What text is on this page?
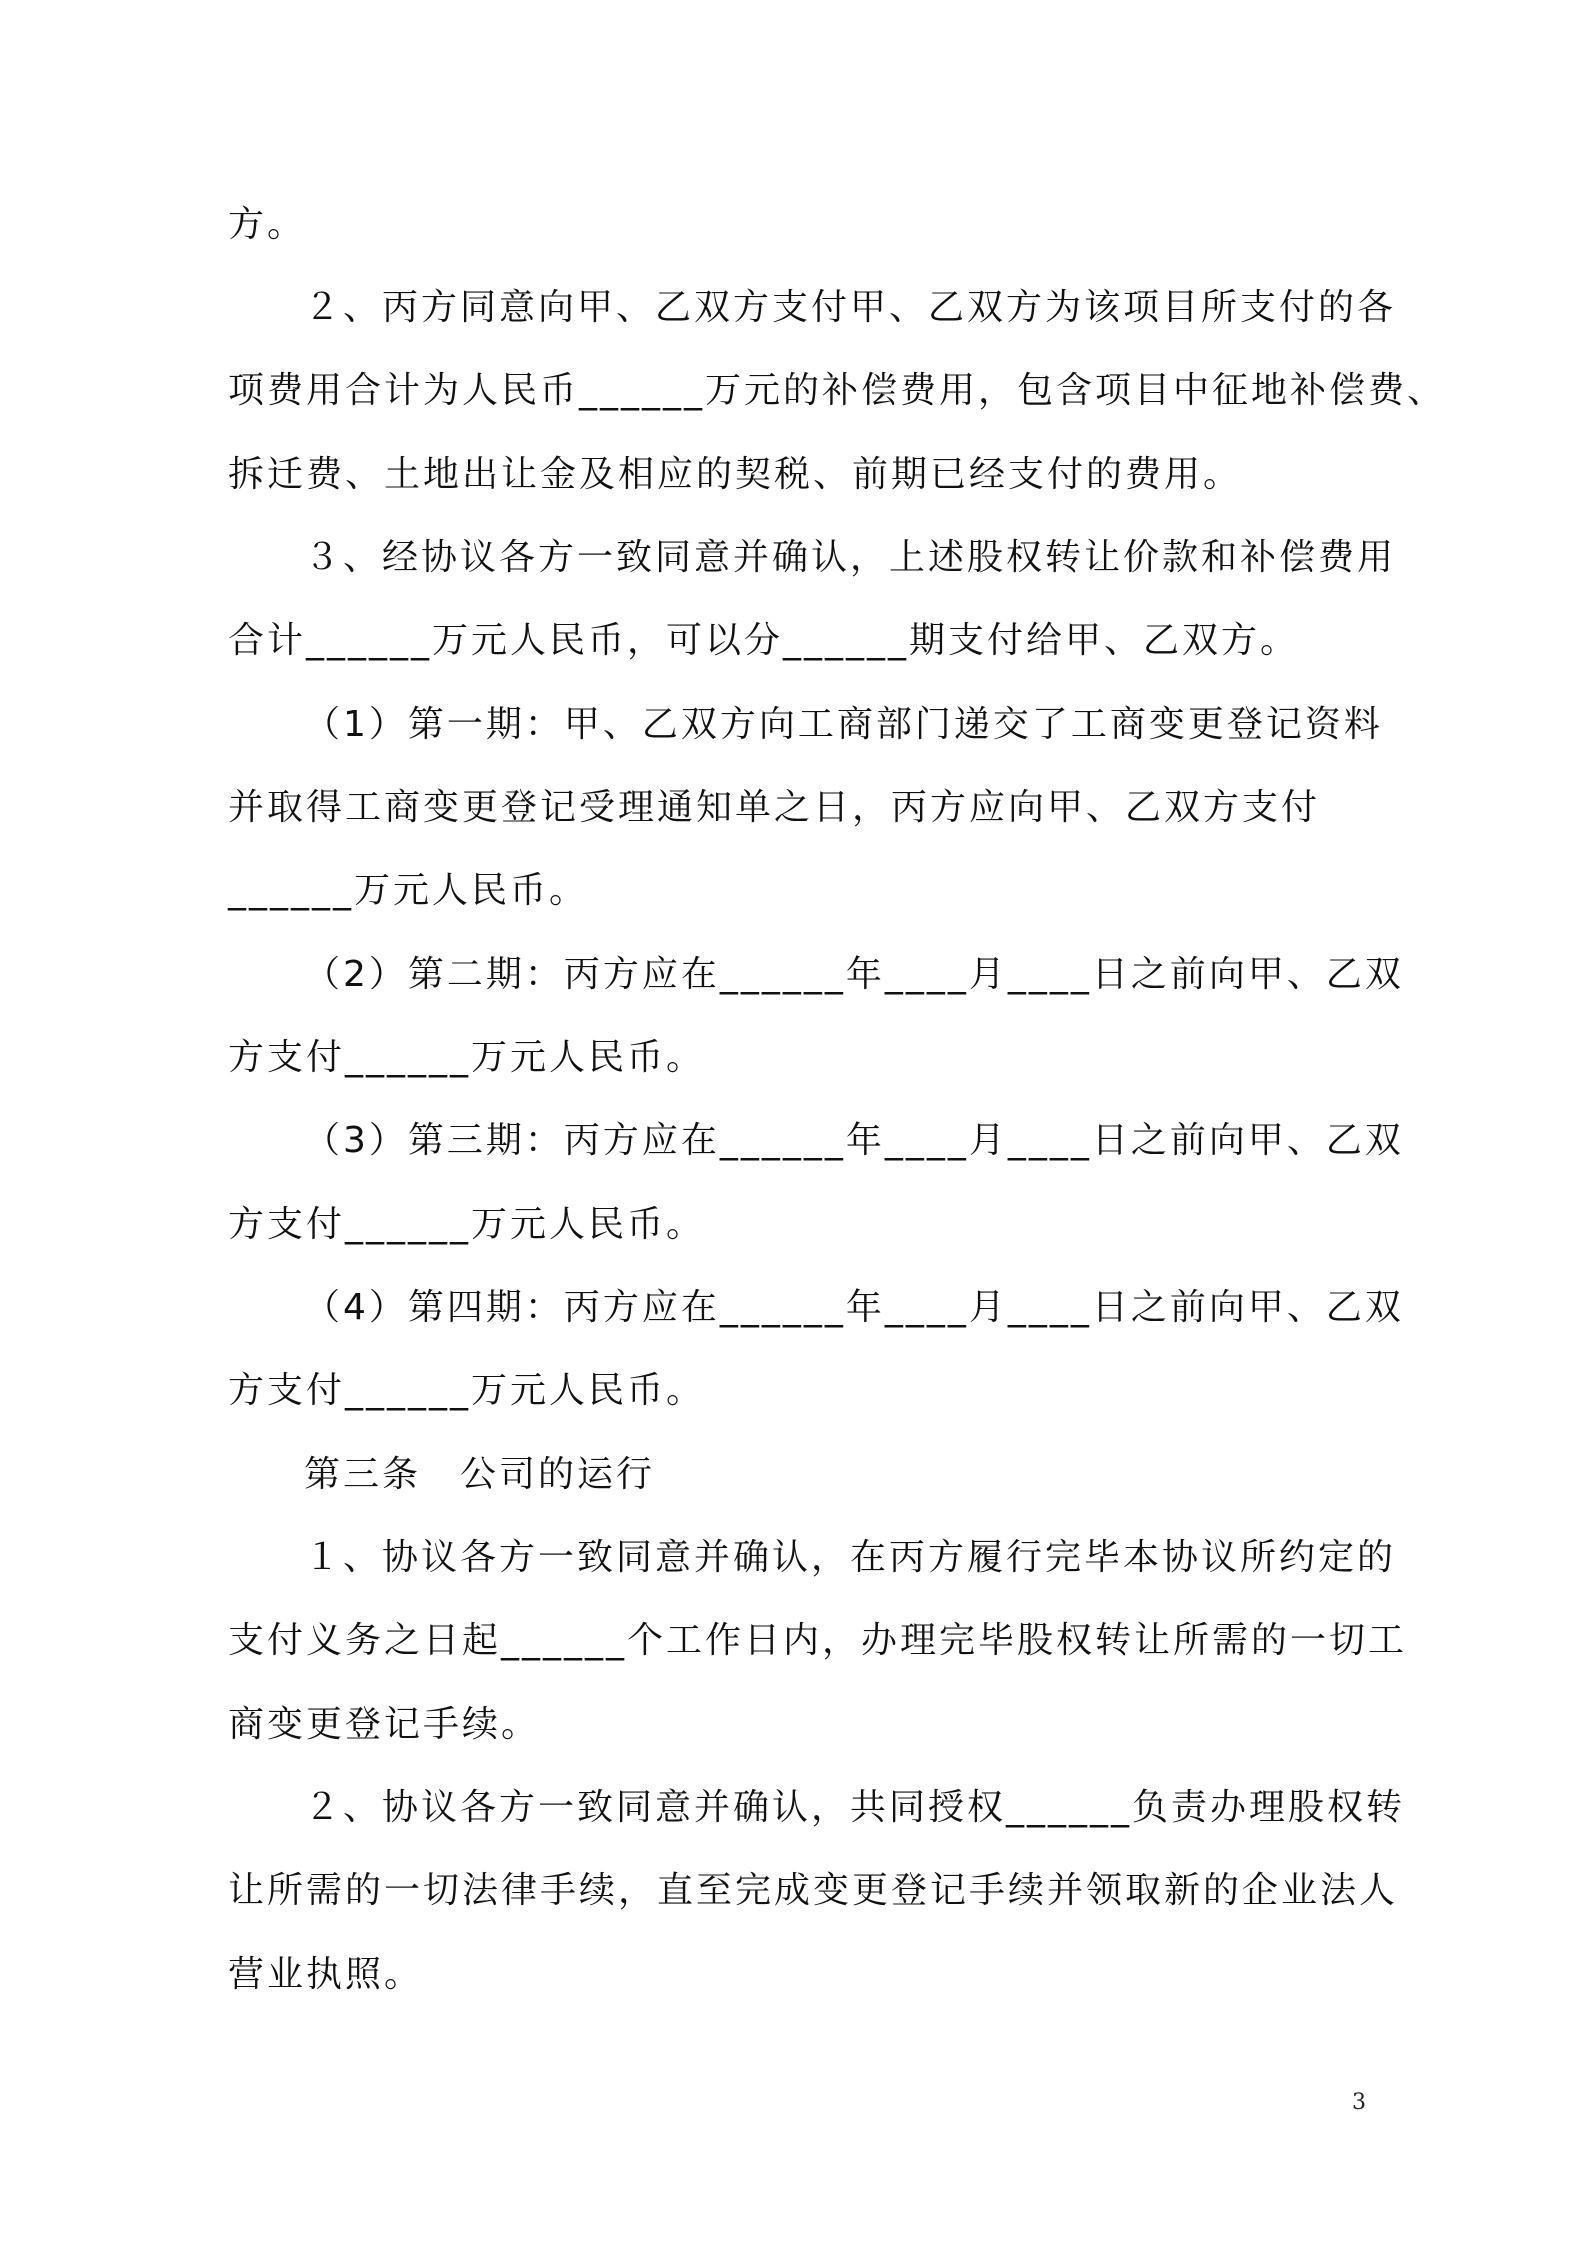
方。

２、丙方同意向甲、乙双方支付甲、乙双方为该项目所支付的各

项费用合计为人民币______万元的补偿费用，包含项目中征地补偿费、

拆迁费、土地出让金及相应的契税、前期已经支付的费用。

３、经协议各方一致同意并确认，上述股权转让价款和补偿费用

合计______万元人民币，可以分______期支付给甲、乙双方。

（1）第一期：甲、乙双方向工商部门递交了工商变更登记资料

并取得工商变更登记受理通知单之日，丙方应向甲、乙双方支付

______万元人民币。

（2）第二期：丙方应在______年____月____日之前向甲、乙双

方支付______万元人民币。

（3）第三期：丙方应在______年____月____日之前向甲、乙双

方支付______万元人民币。

（4）第四期：丙方应在______年____月____日之前向甲、乙双

方支付______万元人民币。

第三条　公司的运行

１、协议各方一致同意并确认，在丙方履行完毕本协议所约定的

支付义务之日起______个工作日内，办理完毕股权转让所需的一切工

商变更登记手续。

２、协议各方一致同意并确认，共同授权______负责办理股权转

让所需的一切法律手续，直至完成变更登记手续并领取新的企业法人

营业执照。

3
